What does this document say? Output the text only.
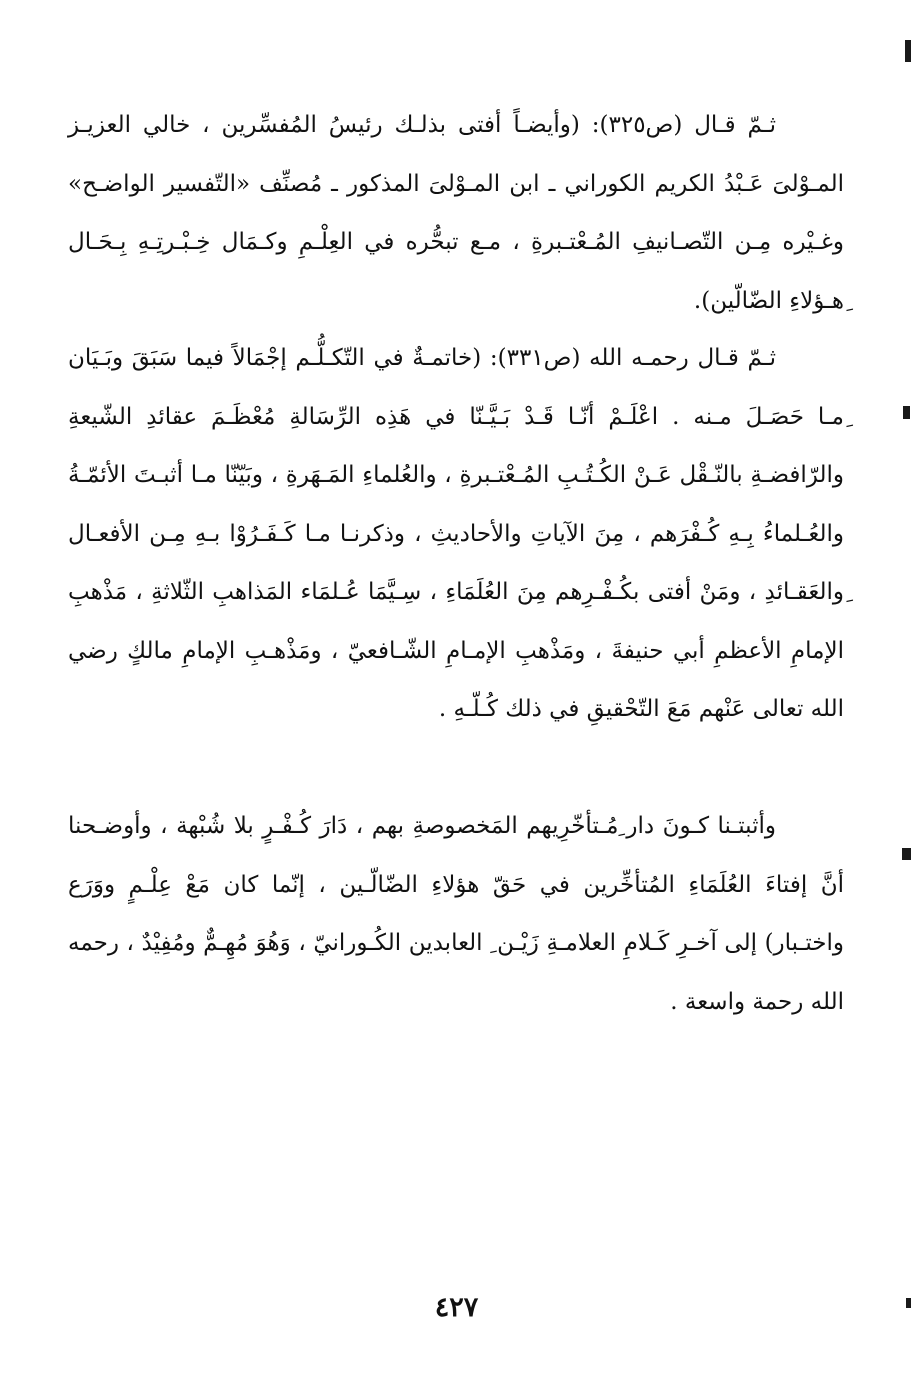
ثـمّ قـال (ص٣٢٥): (وأيضـاً أفتى بذلـك رئيسُ المُفسِّرين ، خالي العزيـز المـوْلىَ عَـبْدُ الكريم الكوراني ـ ابن المـوْلىَ المذكور ـ مُصنِّف «التّفسير الواضـح» وغـيْره مِـن التّصـانيفِ المُـعْتـبرةِ ، مـع تبحُّره في العِلْـمِ وكـمَال خِـبْـرتِـهِ بِـحَـال ِهـؤلاءِ الضّالّين).

ثـمّ قـال رحمـه الله (ص٣٣١): (خاتمـةٌ في التّكـلُّـم إجْمَالاً فيما سَبَقَ وبَـيَان ِمـا حَصَـلَ مـنه . اعْلَـمْ أنّـا قَـدْ بَـيَّـنّا في هَذِه الرِّسَالةِ مُعْظَـمَ عقائدِ الشّيعةِ والرّافضـةِ بالنّـقْل عَـنْ الكُـتُـبِ المُـعْتـبرةِ ، والعُلماءِ المَـهَرةِ ، وبَيّنّا مـا أثبـتَ الأئمّـةُ والعُـلماءُ بِـهِ كُـفْرَهم ، مِنَ الآياتِ والأحاديثِ ، وذكرنـا مـا كَـفَـرُوْا بـهِ مِـن الأفعـال ِوالعَقـائدِ ، ومَنْ أفتى بكُـفْـرِهم مِنَ العُلَمَاءِ ، سِـيَّمَا عُـلمَاء المَذاهبِ الثّلاثةِ ، مَذْهبِ الإمامِ الأعظمِ أبي حنيفةَ ، ومَذْهبِ الإمـامِ الشّـافعيّ ، ومَذْهـبِ الإمامِ مالكٍ رضي الله تعالى عَنْهم مَعَ التّحْقيقِ في ذلك كُـلّـهِ .

وأثبتـنا كـونَ دار ِمُـتأخّرِيهم المَخصوصةِ بهم ، دَارَ كُـفْـرٍ بلا شُبْهة ، وأوضـحنا أنَّ إفتاءَ العُلَمَاءِ المُتأخِّرين في حَقّ هؤلاءِ الضّالّـين ، إنّما كان مَعْ عِلْـمٍ ووَرَع واختـبار) إلى آخـرِ كَـلامِ العلامـةِ زَيْـن ِ العابدين الكُـورانيّ ، وَهُوَ مُهِـمٌّ ومُفِيْدٌ ، رحمه الله رحمة واسعة .

٤٢٧
